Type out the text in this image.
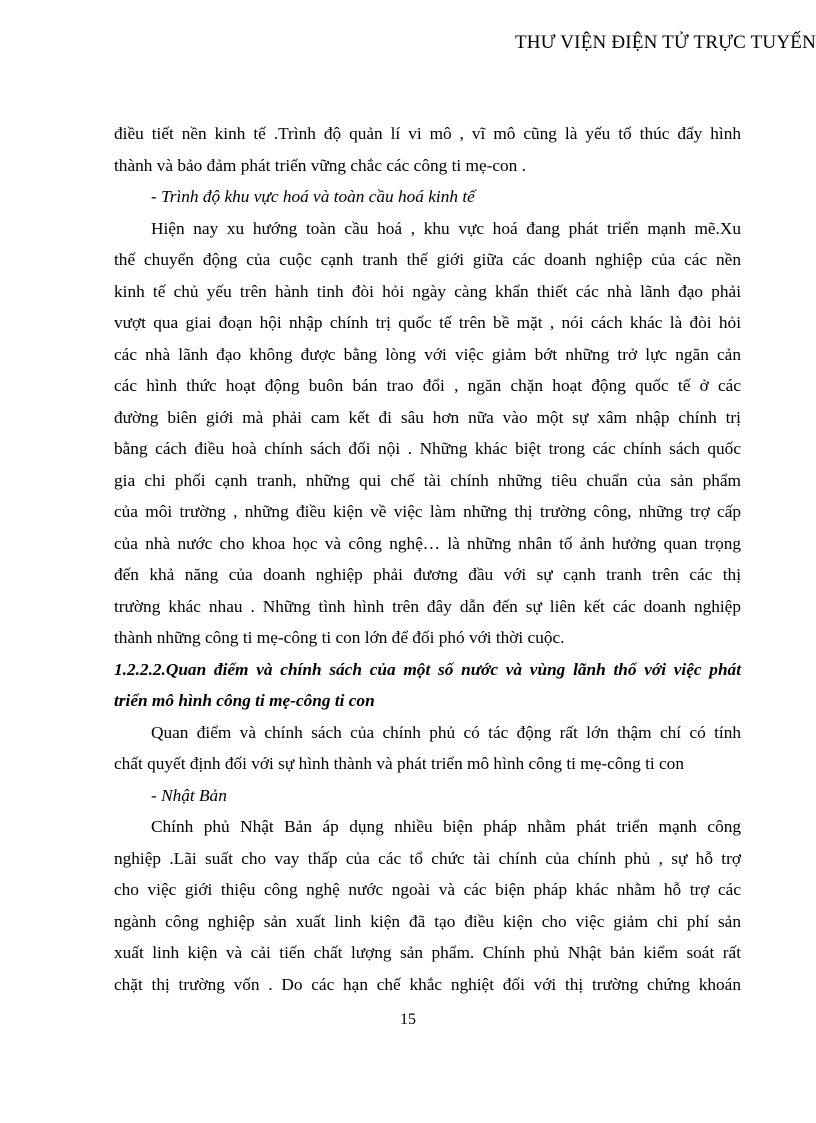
THƯ VIỆN ĐIỆN TỬ TRỰC TUYẾN
điều tiết nền kinh tế .Trình độ quản lí vi mô , vĩ mô cũng là yếu tố thúc đẩy hình
thành và bảo đảm phát triển vững chắc các công ti mẹ-con .
- Trình độ khu vực hoá và toàn cầu hoá kinh tế
Hiện nay xu hướng toàn cầu hoá , khu vực hoá đang phát triển mạnh mẽ.Xu
thế chuyển động của cuộc cạnh tranh thế giới giữa các doanh nghiệp của các nền
kinh tế chủ yếu trên hành tinh đòi hỏi ngày càng khẩn thiết các nhà lãnh đạo phải
vượt qua giai đoạn hội nhập chính trị quốc tế trên bề mặt , nói cách khác là đòi hỏi
các nhà lãnh đạo không được bằng lòng với việc giảm bớt những trở lực ngăn cản
các hình thức hoạt động buôn bán trao đổi , ngăn chặn hoạt động quốc tế ở các
đường biên giới mà phải cam kết đi sâu hơn nữa vào một sự xâm nhập chính trị
bằng cách điều hoà chính sách đối nội . Những khác biệt trong các chính sách quốc
gia chi phối cạnh tranh, những qui chế tài chính những tiêu chuẩn của sản phẩm
của môi trường , những điều kiện về việc làm những thị trường công, những trợ cấp
của nhà nước cho khoa học và công nghệ… là những nhân tố ảnh hưởng quan trọng
đến khả năng của doanh nghiệp phải đương đầu với sự cạnh tranh trên các thị
trường khác nhau . Những tình hình trên đây dẫn đến sự liên kết các doanh nghiệp
thành những công ti mẹ-công ti con lớn để đối phó với thời cuộc.
1.2.2.2.Quan điểm và chính sách của một số nước và vùng lãnh thổ với việc phát
triển mô hình công ti mẹ-công ti con
Quan điểm và chính sách của chính phủ có tác động rất lớn thậm chí có tính
chất quyết định đối với sự hình thành và phát triển mô hình công ti mẹ-công ti con
- Nhật Bản
Chính phủ Nhật Bản áp dụng nhiều biện pháp nhằm phát triển mạnh công
nghiệp .Lãi suất cho vay thấp của các tổ chức tài chính của chính phủ , sự hỗ trợ
cho việc giới thiệu công nghệ nước ngoài và các biện pháp khác nhằm hỗ trợ các
ngành công nghiệp sản xuất linh kiện đã tạo điều kiện cho việc giảm chi phí sản
xuất linh kiện và cải tiến chất lượng sản phẩm. Chính phủ Nhật bản kiểm soát rất
chặt thị trường vốn . Do các hạn chế khắc nghiệt đối với thị trường chứng khoán
15
